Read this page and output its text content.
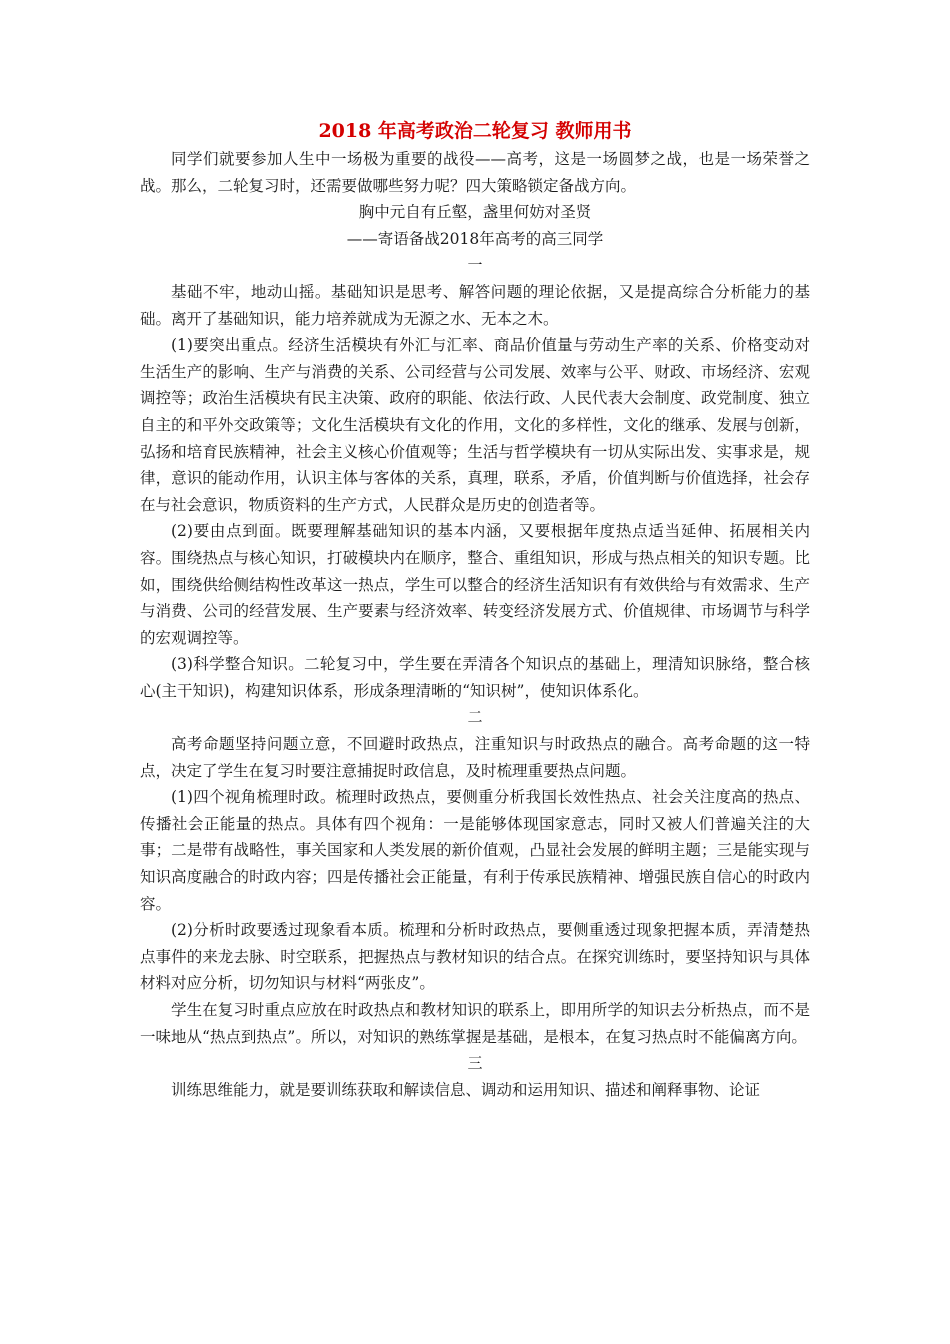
2018 年高考政治二轮复习 教师用书

同学们就要参加人生中一场极为重要的战役——高考，这是一场圆梦之战，也是一场荣誉之战。那么，二轮复习时，还需要做哪些努力呢？四大策略锁定备战方向。

胸中元自有丘壑，盏里何妨对圣贤

——寄语备战2018年高考的高三同学

一

基础不牢，地动山摇。基础知识是思考、解答问题的理论依据，又是提高综合分析能力的基础。离开了基础知识，能力培养就成为无源之水、无本之木。

(1)要突出重点。经济生活模块有外汇与汇率、商品价值量与劳动生产率的关系、价格变动对生活生产的影响、生产与消费的关系、公司经营与公司发展、效率与公平、财政、市场经济、宏观调控等；政治生活模块有民主决策、政府的职能、依法行政、人民代表大会制度、政党制度、独立自主的和平外交政策等；文化生活模块有文化的作用，文化的多样性，文化的继承、发展与创新，弘扬和培育民族精神，社会主义核心价值观等；生活与哲学模块有一切从实际出发、实事求是，规律，意识的能动作用，认识主体与客体的关系，真理，联系，矛盾，价值判断与价值选择，社会存在与社会意识，物质资料的生产方式，人民群众是历史的创造者等。

(2)要由点到面。既要理解基础知识的基本内涵，又要根据年度热点适当延伸、拓展相关内容。围绕热点与核心知识，打破模块内在顺序，整合、重组知识，形成与热点相关的知识专题。比如，围绕供给侧结构性改革这一热点，学生可以整合的经济生活知识有有效供给与有效需求、生产与消费、公司的经营发展、生产要素与经济效率、转变经济发展方式、价值规律、市场调节与科学的宏观调控等。

(3)科学整合知识。二轮复习中，学生要在弄清各个知识点的基础上，理清知识脉络，整合核心(主干知识)，构建知识体系，形成条理清晰的“知识树”，使知识体系化。

二

高考命题坚持问题立意，不回避时政热点，注重知识与时政热点的融合。高考命题的这一特点，决定了学生在复习时要注意捕捉时政信息，及时梳理重要热点问题。

(1)四个视角梳理时政。梳理时政热点，要侧重分析我国长效性热点、社会关注度高的热点、传播社会正能量的热点。具体有四个视角：一是能够体现国家意志，同时又被人们普遍关注的大事；二是带有战略性，事关国家和人类发展的新价值观，凸显社会发展的鲜明主题；三是能实现与知识高度融合的时政内容；四是传播社会正能量，有利于传承民族精神、增强民族自信心的时政内容。

(2)分析时政要透过现象看本质。梳理和分析时政热点，要侧重透过现象把握本质，弄清楚热点事件的来龙去脉、时空联系，把握热点与教材知识的结合点。在探究训练时，要坚持知识与具体材料对应分析，切勿知识与材料“两张皮”。

学生在复习时重点应放在时政热点和教材知识的联系上，即用所学的知识去分析热点，而不是一味地从“热点到热点”。所以，对知识的熟练掌握是基础，是根本，在复习热点时不能偏离方向。

三

训练思维能力，就是要训练获取和解读信息、调动和运用知识、描述和阐释事物、论证
